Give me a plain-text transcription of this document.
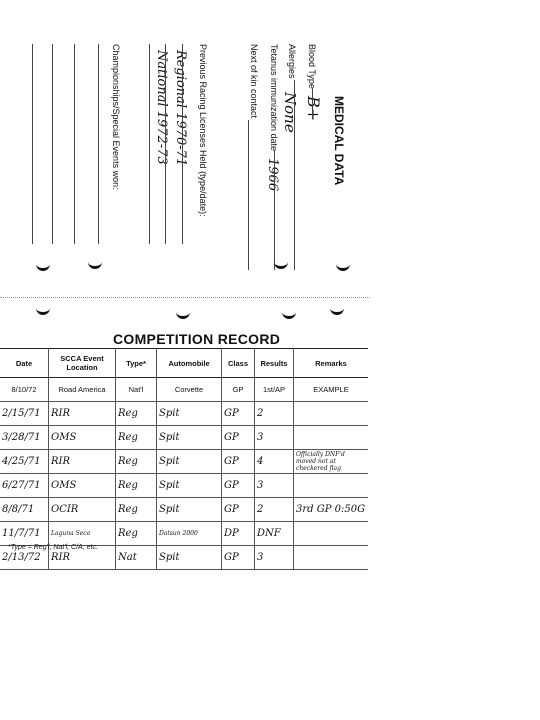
MEDICAL DATA
Blood Type
B+
Allergies
None
Tetanus immunization date
1966
Next of kin contact
Previous Racing Licenses Held (type/date):
Regional 1970-71
National 1972-73
Championships/Special Events won:
COMPETITION RECORD
Date	SCCA Event Location	Type*	Automobile	Class	Results	Remarks
8/10/72	Road America	Nat'l	Corvette	GP	1st/AP	EXAMPLE
2/15/71	RIR	Reg	Spit	GP	2	
3/28/71	OMS	Reg	Spit	GP	3	
4/25/71	RIR	Reg	Spit	GP	4	Officially DNF'd moved not at checkered flag
6/27/71	OMS	Reg	Spit	GP	3	
8/8/71	OCIR	Reg	Spit	GP	2	3rd GP 0:50G
11/7/71	Laguna Seca	Reg	Datsun 2000	DP	DNF	
2/13/72	RIR	Nat	Spit	GP	3	
*Type = Reg'l, Nat'l, C/A, etc.
